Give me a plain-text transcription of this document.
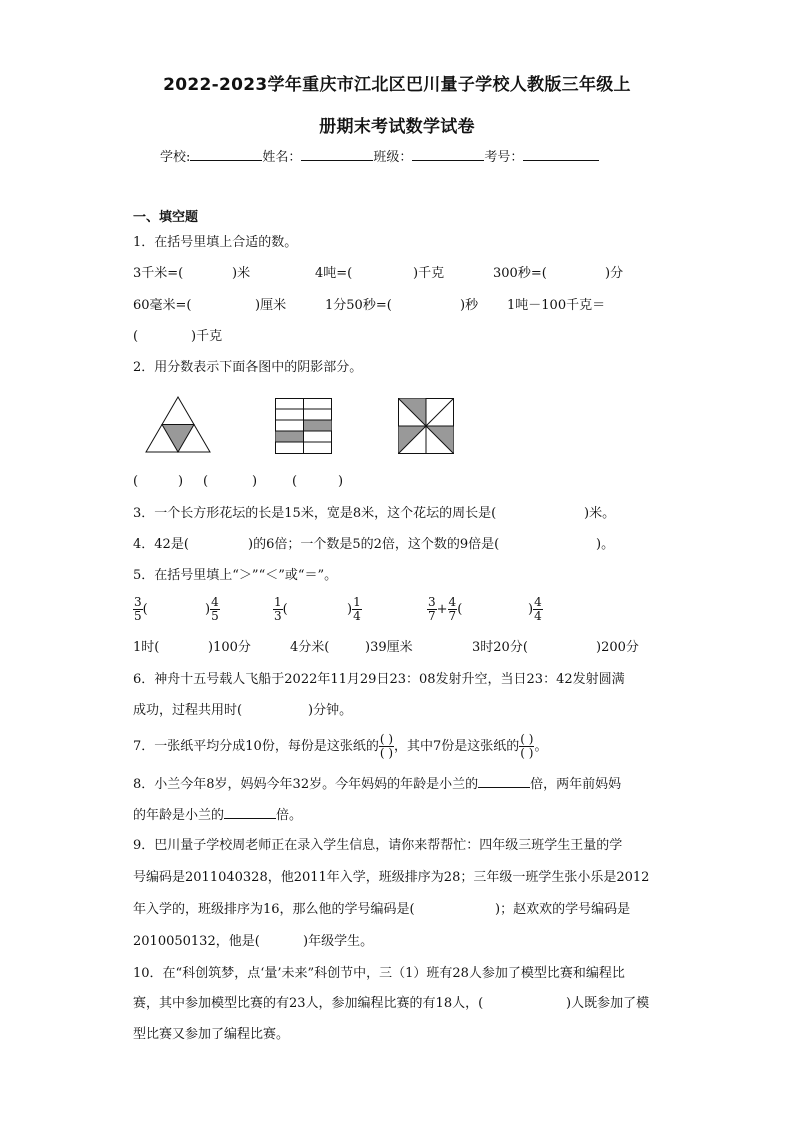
2022-2023学年重庆市江北区巴川量子学校人教版三年级上
册期末考试数学试卷
学校:	姓名：	班级：	考号：
一、填空题
1．在括号里填上合适的数。
3千米=(	)米	4吨=(	)千克	300秒=(	)分
60毫米=(	)厘米	1分50秒=(	)秒 1吨－100千克＝
(	)千克
2．用分数表示下面各图中的阴影部分。
(	) (	)	(	)
3．一个长方形花坛的长是15米，宽是8米，这个花坛的周长是(	)米。
4．42是(	)的6倍；一个数是5的2倍，这个数的9倍是(	)。
5．在括号里填上“＞”“＜”或“＝”。
$\frac{3}{5}$ (	) $\frac{4}{5}$	$\frac{1}{3}$ (	) $\frac{1}{4}$	$\frac{3}{7} + \frac{4}{7}$ (	) $\frac{4}{4}$
1时(	)100分	4分米(	)39厘米	3时20分(	)200分
6．神舟十五号载人飞船于2022年11月29日23：08发射升空，当日23：42发射圆满
成功，过程共用时(	)分钟。
7．一张纸平均分成10份，每份是这张纸的 $\frac{( )}{( )}$ ，其中7份是这张纸的 $\frac{( )}{( )}$ 。
8．小兰今年8岁，妈妈今年32岁。今年妈妈的年龄是小兰的	倍，两年前妈妈
的年龄是小兰的	倍。
9．巴川量子学校周老师正在录入学生信息，请你来帮帮忙：四年级三班学生王量的学
号编码是2011040328，他2011年入学，班级排序为28；三年级一班学生张小乐是2012
年入学的，班级排序为16，那么他的学号编码是(	)；赵欢欢的学号编码是
2010050132，他是(	)年级学生。
10．在“科创筑梦，点‘量’未来”科创节中，三（1）班有28人参加了模型比赛和编程比
赛，其中参加模型比赛的有23人，参加编程比赛的有18人，(	)人既参加了模
型比赛又参加了编程比赛。
